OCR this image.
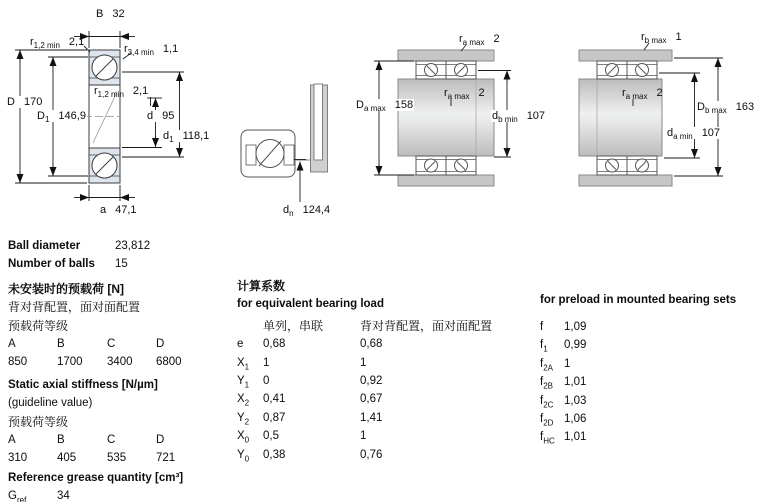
B 32
$r_{1,2 min}$ 2,1
$r_{3,4 min}$ 1,1
D 170
$D_1$ 146,9
$r_{1,2 min}$ 2,1
d 95
$d_1$ 118,1
a 47,1	$d_n$ 124,4
$r_{a max}$ 2
$D_{a max}$ 158
$r_{a max}$ 2
$d_{b min}$ 107
$r_{b max}$ 1
$r_{a max}$ 2
$D_{b max}$ 163
$d_{a min}$ 107
Ball diameter	23,812
Number of balls	15
未安装时的预载荷 [N]
背对背配置，面对面配置
预载荷等级
A	B	C	D
850	1700	3400	6800
Static axial stiffness [N/µm]
(guideline value)
预载荷等级
A	B	C	D
310	405	535	721
Reference grease quantity [cm³]
$G_{ref}$	34
计算系数
for equivalent bearing load
单列，串联	背对背配置，面对面配置
e	0,68	0,68
$X_1$	1	1
$Y_1$	0	0,92
$X_2$	0,41	0,67
$Y_2$	0,87	1,41
$X_0$	0,5	1
$Y_0$	0,38	0,76
for preload in mounted bearing sets
f	1,09
$f_1$	0,99
$f_{2A}$ 1
$f_{2B}$ 1,01
$f_{2C}$ 1,03
$f_{2D}$ 1,06
$f_{HC}$ 1,01
